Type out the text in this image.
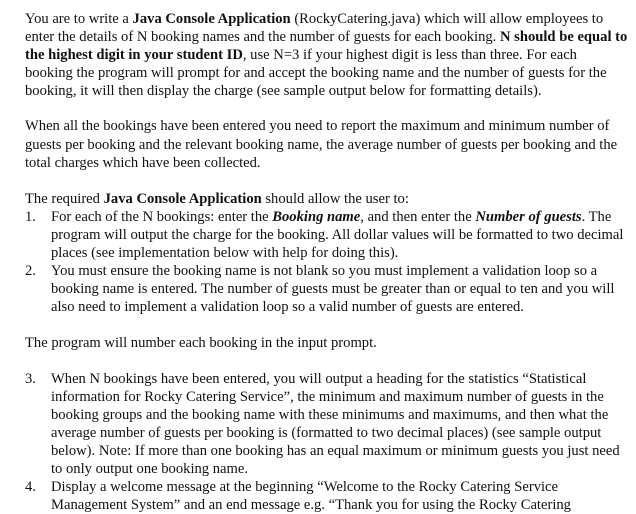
You are to write a Java Console Application (RockyCatering.java) which will allow employees to enter the details of N booking names and the number of guests for each booking. N should be equal to the highest digit in your student ID, use N=3 if your highest digit is less than three. For each booking the program will prompt for and accept the booking name and the number of guests for the booking, it will then display the charge (see sample output below for formatting details).

When all the bookings have been entered you need to report the maximum and minimum number of guests per booking and the relevant booking name, the average number of guests per booking and the total charges which have been collected.

The required Java Console Application should allow the user to:

1. For each of the N bookings: enter the Booking name, and then enter the Number of guests. The program will output the charge for the booking. All dollar values will be formatted to two decimal places (see implementation below with help for doing this).
2. You must ensure the booking name is not blank so you must implement a validation loop so a booking name is entered. The number of guests must be greater than or equal to ten and you will also need to implement a validation loop so a valid number of guests are entered.

The program will number each booking in the input prompt.

3. When N bookings have been entered, you will output a heading for the statistics “Statistical information for Rocky Catering Service”, the minimum and maximum number of guests in the booking groups and the booking name with these minimums and maximums, and then what the average number of guests per booking is (formatted to two decimal places) (see sample output below). Note: If more than one booking has an equal maximum or minimum guests you just need to only output one booking name.
4. Display a welcome message at the beginning “Welcome to the Rocky Catering Service Management System” and an end message e.g. “Thank you for using the Rocky Catering
